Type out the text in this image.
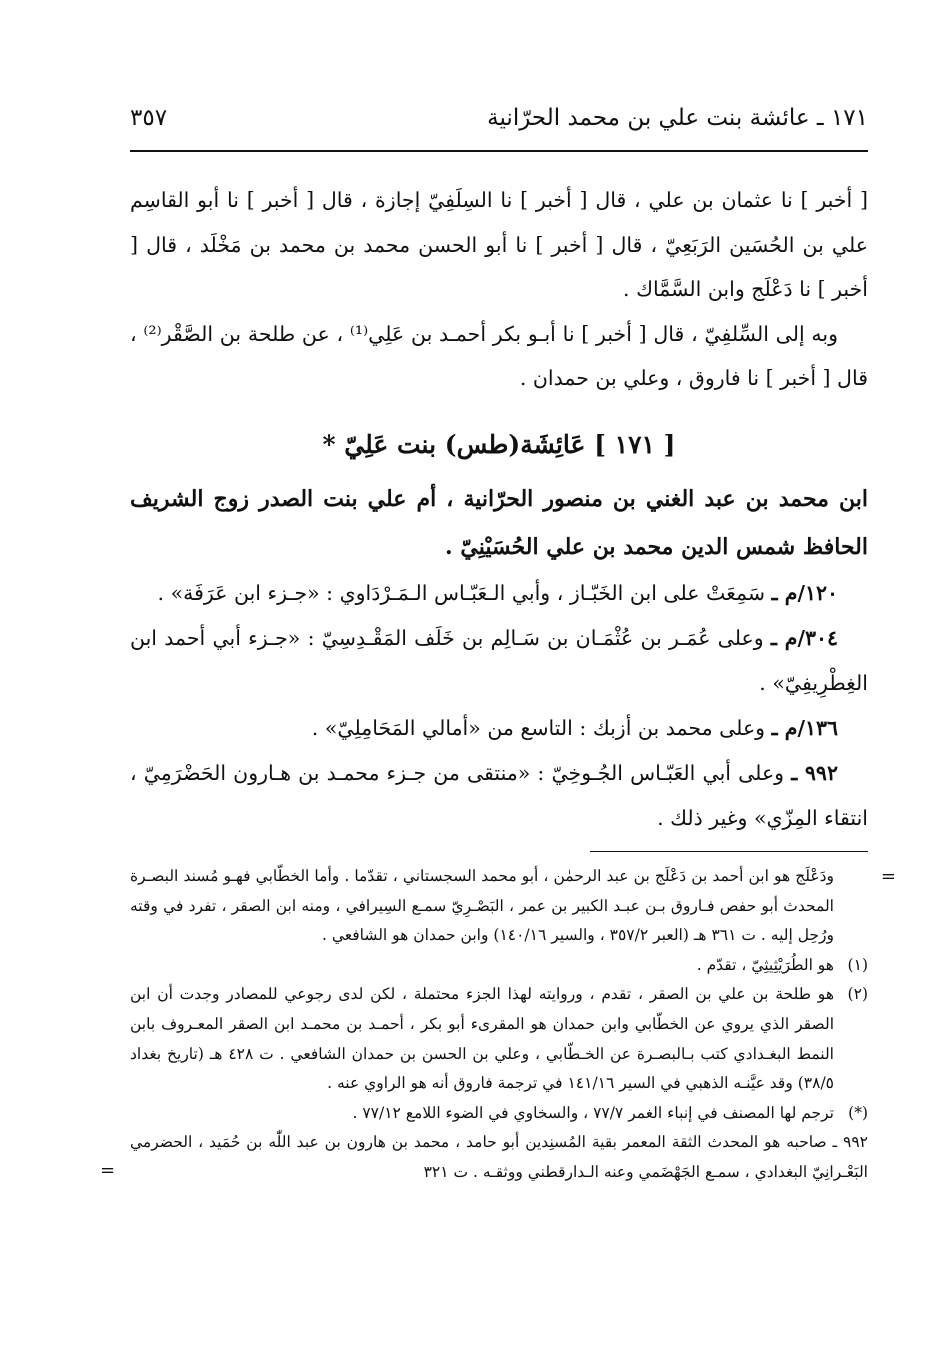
١٧١ ـ عائشة بنت علي بن محمد الحرّانية
٣٥٧

[ أخبر ] نا عثمان بن علي ، قال [ أخبر ] نا السِلَفِيّ إجازة ، قال [ أخبر ] نا أبو القاسِم علي بن الحُسَين الرَبَعِيّ ، قال [ أخبر ] نا أبو الحسن محمد بن محمد بن مَخْلَد ، قال [ أخبر ] نا دَعْلَج وابن السَّمَّاك .

وبه إلى السِّلفِيّ ، قال [ أخبر ] نا أبـو بكر أحمـد بن عَلِي⁽¹⁾ ، عن طلحة بن الصَّقْر⁽²⁾ ، قال [ أخبر ] نا فاروق ، وعلي بن حمدان .

[ ١٧١ ] عَائِشَة(طس) بنت عَلِيّ *

ابن محمد بن عبد الغني بن منصور الحرّانية ، أم علي بنت الصدر زوج الشريف الحافظ شمس الدين محمد بن علي الحُسَيْنِيّ .

١٢٠/م ـ سَمِعَتْ على ابن الخَبّـاز ، وأبي الـعَبّـاس الـمَـرْدَاوي : «جـزء ابن عَرَفَة» .

٣٠٤/م ـ وعلى عُمَـر بن عُثْمَـان بن سَـالِم بن خَلَف المَقْـدِسِيّ : «جـزء أبي أحمد ابن الغِطْرِيفِيّ» .

١٣٦/م ـ وعلى محمد بن أزبك : التاسع من «أمالي المَحَامِلِيّ» .

٩٩٢ ـ وعلى أبي العَبّـاس الجُـوخِيّ : «منتقى من جـزء محمـد بن هـارون الحَضْرَمِيّ ، انتقاء المِزّي» وغير ذلك .

=
ودَعْلَج هو ابن أحمد بن دَعْلَج بن عبد الرحمٰن ، أبو محمد السجستاني ، تقدّما . وأما الخطّابي فهـو مُسند البصـرة المحدث أبو حفص فـاروق بـن عبـد الكبير بن عمر ، البَصْـرِيّ سمـع السِيرافي ، ومنه ابن الصقر ، تفرد في وقته ورُحِل إليه . ت ٣٦١ هـ (العبر ٣٥٧/٢ ، والسير ١٤٠/١٦) وابن حمدان هو الشافعي .
(١)
هو الطُرَيْثِيثِيّ ، تقدّم .
(٢)
هو طلحة بن علي بن الصقر ، تقدم ، وروايته لهذا الجزء محتملة ، لكن لدى رجوعي للمصادر وجدت أن ابن الصقر الذي يروي عن الخطّابي وابن حمدان هو المقرىء أبو بكر ، أحمـد بن محمـد ابن الصقر المعـروف بابن النمط البغـدادي كتب بـالبصـرة عن الخـطّابي ، وعلي بن الحسن بن حمدان الشافعي . ت ٤٢٨ هـ (تاريخ بغداد ٣٨/٥) وقد عيَّنـه الذهبي في السير ١٤١/١٦ في ترجمة فاروق أنه هو الراوي عنه .
(*)
ترجم لها المصنف في إنباء الغمر ٧٧/٧ ، والسخاوي في الضوء اللامع ٧٧/١٢ .
٩٩٢ ـ صاحبه هو المحدث الثقة المعمر بقية المُسنِدين أبو حامد ، محمد بن هارون بن عبد اللّٰه بن حُمَيد ، الحضرمي البَعْـرانِيّ البغدادي ، سمـع الجَهْضَمي وعنه الـدارقطني ووثقـه . ت ٣٢١
=
